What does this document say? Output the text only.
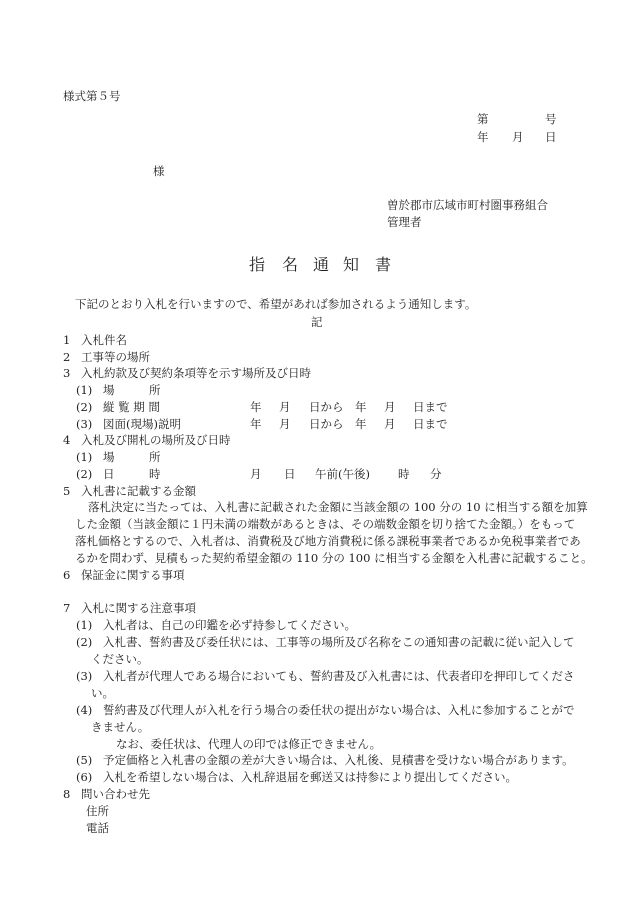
様式第５号
第	号
年 月 日
様
曽於郡市広域市町村圏事務組合
管理者
指 名 通 知 書
下記のとおり入札を行いますので、希望があれば参加されるよう通知します。
記
1 入札件名
2 工事等の場所
3 入札約款及び契約条項等を示す場所及び日時
(1) 場　　　所
(2) 縦 覧 期 間	年 月 日から 年 月 日まで
(3) 図面(現場)説明	年 月 日から 年 月 日まで
4 入札及び開札の場所及び日時
(1) 場　　　所
(2) 日　　　時	月 日 午前(午後) 時 分
5 入札書に記載する金額
落札決定に当たっては、入札書に記載された金額に当該金額の 100 分の 10 に相当する額を加算
した金額（当該金額に１円未満の端数があるときは、その端数金額を切り捨てた金額。）をもって
落札価格とするので、入札者は、消費税及び地方消費税に係る課税事業者であるか免税事業者であ
るかを問わず、見積もった契約希望金額の 110 分の 100 に相当する金額を入札書に記載すること。
6 保証金に関する事項
7 入札に関する注意事項
(1) 入札者は、自己の印鑑を必ず持参してください。
(2) 入札書、誓約書及び委任状には、工事等の場所及び名称をこの通知書の記載に従い記入して
ください。
(3) 入札者が代理人である場合においても、誓約書及び入札書には、代表者印を押印してくださ
い。
(4) 誓約書及び代理人が入札を行う場合の委任状の提出がない場合は、入札に参加することがで
きません。
なお、委任状は、代理人の印では修正できません。
(5) 予定価格と入札書の金額の差が大きい場合は、入札後、見積書を受けない場合があります。
(6) 入札を希望しない場合は、入札辞退届を郵送又は持参により提出してください。
8 問い合わせ先
住所
電話
